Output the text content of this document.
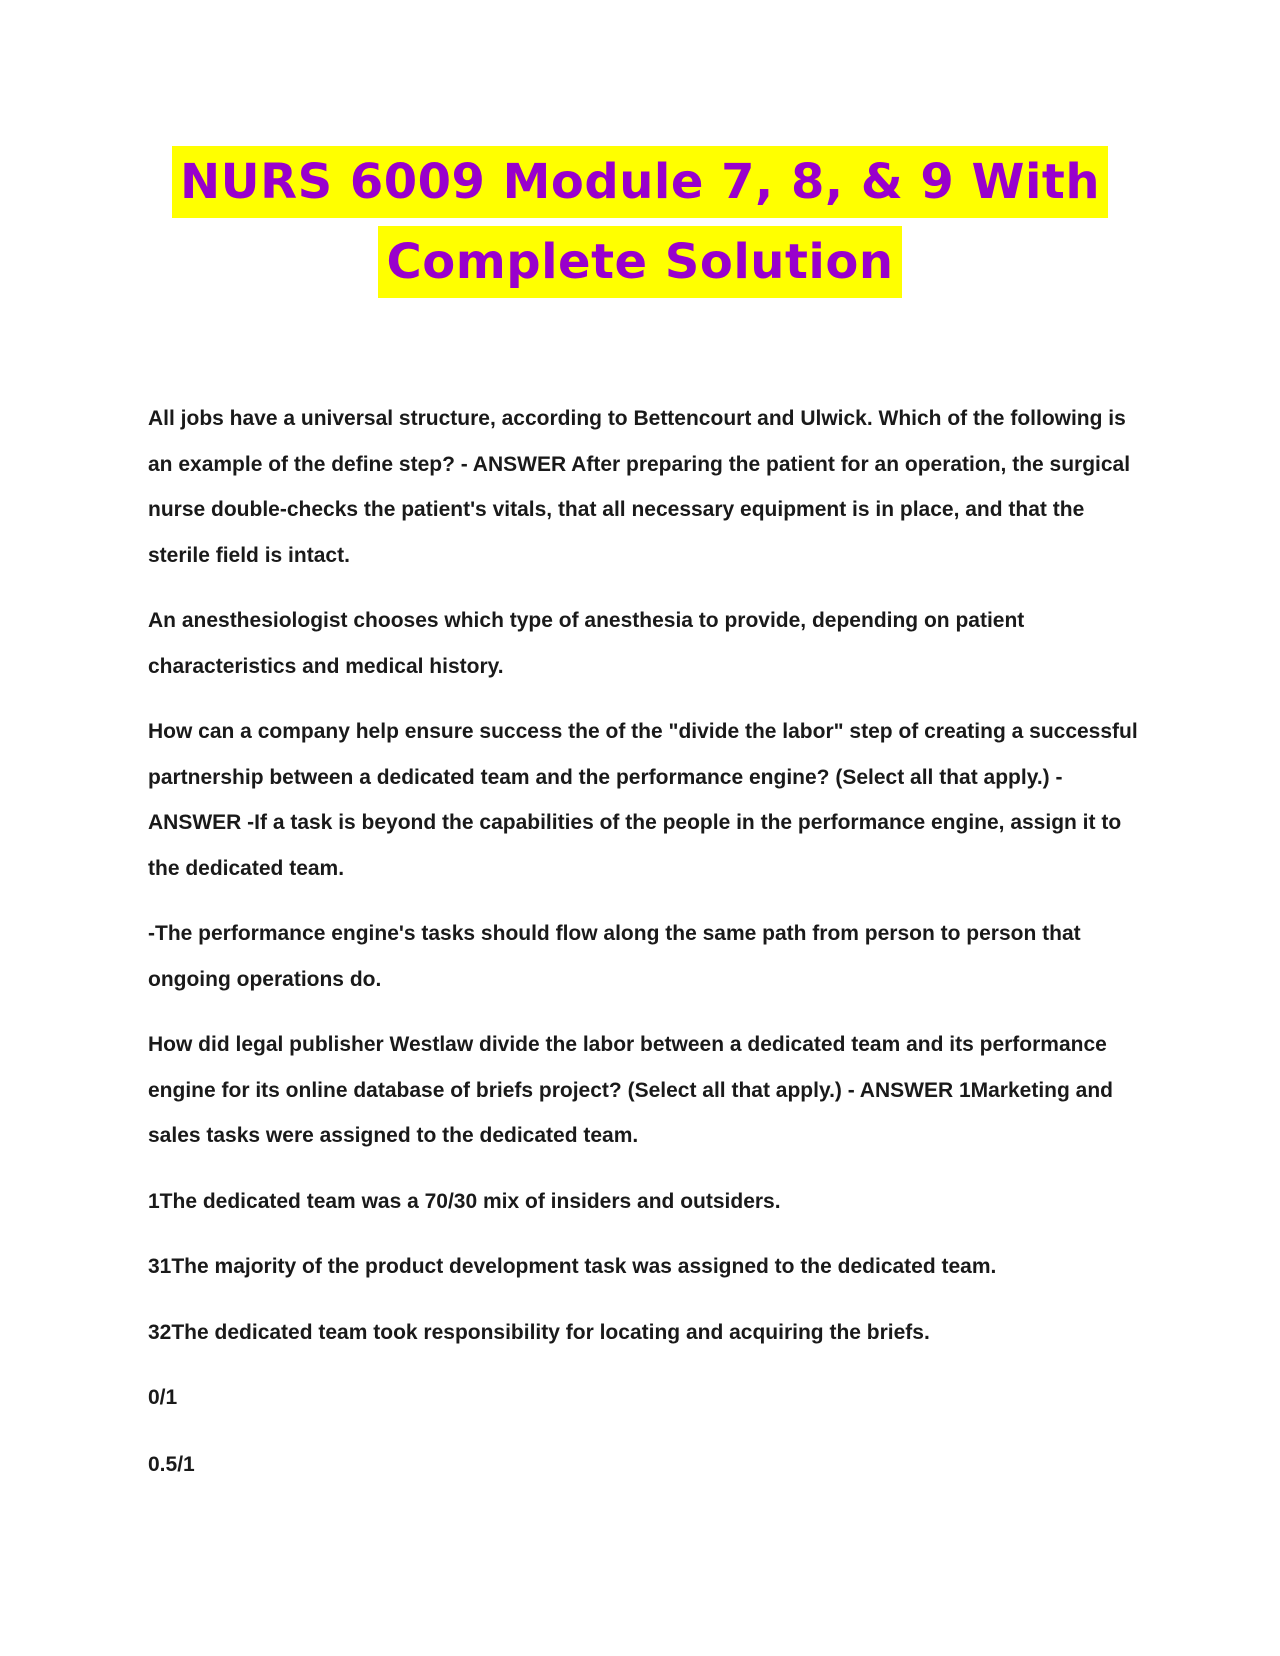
NURS 6009 Module 7, 8, & 9 With
Complete Solution

All jobs have a universal structure, according to Bettencourt and Ulwick. Which of the following is an example of the define step? - ANSWER After preparing the patient for an operation, the surgical nurse double-checks the patient's vitals, that all necessary equipment is in place, and that the sterile field is intact.

An anesthesiologist chooses which type of anesthesia to provide, depending on patient characteristics and medical history.

How can a company help ensure success the of the "divide the labor" step of creating a successful partnership between a dedicated team and the performance engine? (Select all that apply.) - ANSWER -If a task is beyond the capabilities of the people in the performance engine, assign it to the dedicated team.

-The performance engine's tasks should flow along the same path from person to person that ongoing operations do.

How did legal publisher Westlaw divide the labor between a dedicated team and its performance engine for its online database of briefs project? (Select all that apply.) - ANSWER 1Marketing and sales tasks were assigned to the dedicated team.

1The dedicated team was a 70/30 mix of insiders and outsiders.

31The majority of the product development task was assigned to the dedicated team.

32The dedicated team took responsibility for locating and acquiring the briefs.

0/1

0.5/1
